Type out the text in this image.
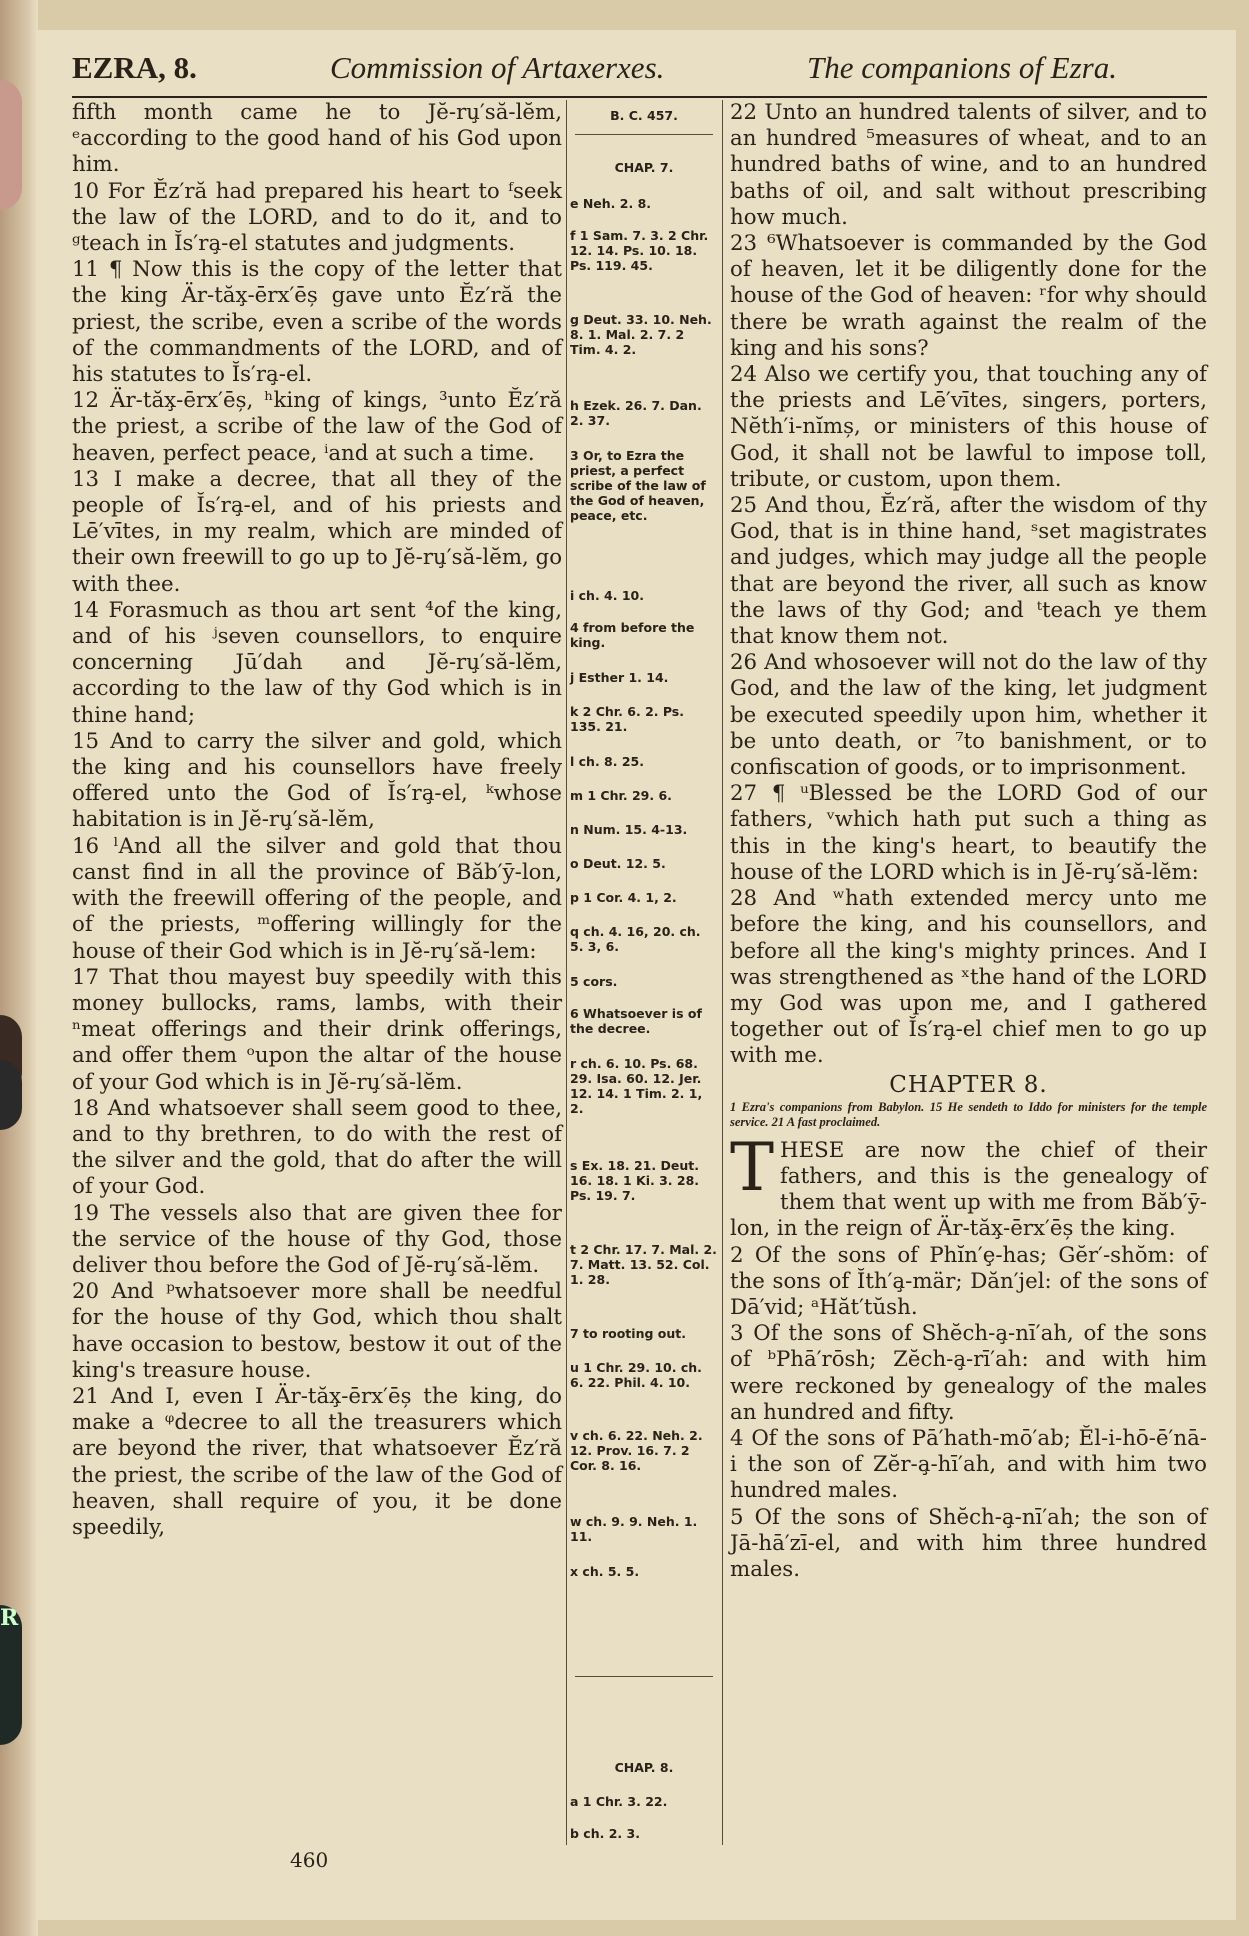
R
EZRA, 8.	Commission of Artaxerxes.	The companions of Ezra.

fifth month came he to Jĕ-ru̧′să-lĕm, ᵉaccording to the good hand of his God upon him.

10 For Ĕz′ră had prepared his heart to ᶠseek the law of the LORD, and to do it, and to ᵍteach in Ĭs′ra̧-el statutes and judgments.

11 ¶ Now this is the copy of the letter that the king Är-tăx̧-ērx′ēș gave unto Ĕz′ră the priest, the scribe, even a scribe of the words of the commandments of the LORD, and of his statutes to Ĭs′ra̧-el.

12 Är-tăx̧-ērx′ēș, ʰking of kings, ³unto Ĕz′ră the priest, a scribe of the law of the God of heaven, perfect peace, ⁱand at such a time.

13 I make a decree, that all they of the people of Ĭs′ra̧-el, and of his priests and Lē′vītes, in my realm, which are minded of their own freewill to go up to Jĕ-ru̧′să-lĕm, go with thee.

14 Forasmuch as thou art sent ⁴of the king, and of his ʲseven counsellors, to enquire concerning Jū′dah and Jĕ-ru̧′să-lĕm, according to the law of thy God which is in thine hand;

15 And to carry the silver and gold, which the king and his counsellors have freely offered unto the God of Ĭs′ra̧-el, ᵏwhose habitation is in Jĕ-ru̧′să-lĕm,

16 ˡAnd all the silver and gold that thou canst find in all the province of Băb′ȳ-lon, with the freewill offering of the people, and of the priests, ᵐoffering willingly for the house of their God which is in Jĕ-ru̧′să-lem:

17 That thou mayest buy speedily with this money bullocks, rams, lambs, with their ⁿmeat offerings and their drink offerings, and offer them ᵒupon the altar of the house of your God which is in Jĕ-ru̧′să-lĕm.

18 And whatsoever shall seem good to thee, and to thy brethren, to do with the rest of the silver and the gold, that do after the will of your God.

19 The vessels also that are given thee for the service of the house of thy God, those deliver thou before the God of Jĕ-ru̧′să-lĕm.

20 And ᵖwhatsoever more shall be needful for the house of thy God, which thou shalt have occasion to bestow, bestow it out of the king's treasure house.

21 And I, even I Är-tăx̧-ērx′ēș the king, do make a ᵠdecree to all the treasurers which are beyond the river, that whatsoever Ĕz′ră the priest, the scribe of the law of the God of heaven, shall require of you, it be done speedily,

B. C. 457.
CHAP. 7.
e Neh. 2. 8.
f 1 Sam. 7. 3. 2 Chr. 12. 14. Ps. 10. 18. Ps. 119. 45.
g Deut. 33. 10. Neh. 8. 1. Mal. 2. 7. 2 Tim. 4. 2.
h Ezek. 26. 7. Dan. 2. 37.
3 Or, to Ezra the priest, a perfect scribe of the law of the God of heaven, peace, etc.
i ch. 4. 10.
4 from before the king.
j Esther 1. 14.
k 2 Chr. 6. 2. Ps. 135. 21.
l ch. 8. 25.
m 1 Chr. 29. 6.
n Num. 15. 4-13.
o Deut. 12. 5.
p 1 Cor. 4. 1, 2.
q ch. 4. 16, 20. ch. 5. 3, 6.
5 cors.
6 Whatsoever is of the decree.
r ch. 6. 10. Ps. 68. 29. Isa. 60. 12. Jer. 12. 14. 1 Tim. 2. 1, 2.
s Ex. 18. 21. Deut. 16. 18. 1 Ki. 3. 28. Ps. 19. 7.
t 2 Chr. 17. 7. Mal. 2. 7. Matt. 13. 52. Col. 1. 28.
7 to rooting out.
u 1 Chr. 29. 10. ch. 6. 22. Phil. 4. 10.
v ch. 6. 22. Neh. 2. 12. Prov. 16. 7. 2 Cor. 8. 16.
w ch. 9. 9. Neh. 1. 11.
x ch. 5. 5.
CHAP. 8.
a 1 Chr. 3. 22.
b ch. 2. 3.

22 Unto an hundred talents of silver, and to an hundred ⁵measures of wheat, and to an hundred baths of wine, and to an hundred baths of oil, and salt without prescribing how much.

23 ⁶Whatsoever is commanded by the God of heaven, let it be diligently done for the house of the God of heaven: ʳfor why should there be wrath against the realm of the king and his sons?

24 Also we certify you, that touching any of the priests and Lē′vītes, singers, porters, Nĕth′i-nĭmș, or ministers of this house of God, it shall not be lawful to impose toll, tribute, or custom, upon them.

25 And thou, Ĕz′ră, after the wisdom of thy God, that is in thine hand, ˢset magistrates and judges, which may judge all the people that are beyond the river, all such as know the laws of thy God; and ᵗteach ye them that know them not.

26 And whosoever will not do the law of thy God, and the law of the king, let judgment be executed speedily upon him, whether it be unto death, or ⁷to banishment, or to confiscation of goods, or to imprisonment.

27 ¶ ᵘBlessed be the LORD God of our fathers, ᵛwhich hath put such a thing as this in the king's heart, to beautify the house of the LORD which is in Jĕ-ru̧′să-lĕm:

28 And ʷhath extended mercy unto me before the king, and his counsellors, and before all the king's mighty princes. And I was strengthened as ˣthe hand of the LORD my God was upon me, and I gathered together out of Ĭs′ra̧-el chief men to go up with me.

CHAPTER 8.
1 Ezra's companions from Babylon. 15 He sendeth to Iddo for ministers for the temple service. 21 A fast proclaimed.

THESE are now the chief of their fathers, and this is the genealogy of them that went up with me from Băb′ȳ-lon, in the reign of Är-tăx̧-ērx′ēș the king.

2 Of the sons of Phĭn′ȩ-has; Gĕr′-shŏm: of the sons of Ĭth′a̧-mär; Dăn′jel: of the sons of Dā′vid; ᵃHăt′tŭsh.

3 Of the sons of Shĕch-a̧-nī′ah, of the sons of ᵇPhā′rōsh; Zĕch-a̧-rī′ah: and with him were reckoned by genealogy of the males an hundred and fifty.

4 Of the sons of Pā′hath-mō′ab; Ĕl-i-hō-ē′nā-i the son of Zĕr-a̧-hī′ah, and with him two hundred males.

5 Of the sons of Shĕch-a̧-nī′ah; the son of Jā-hā′zī-el, and with him three hundred males.

460
